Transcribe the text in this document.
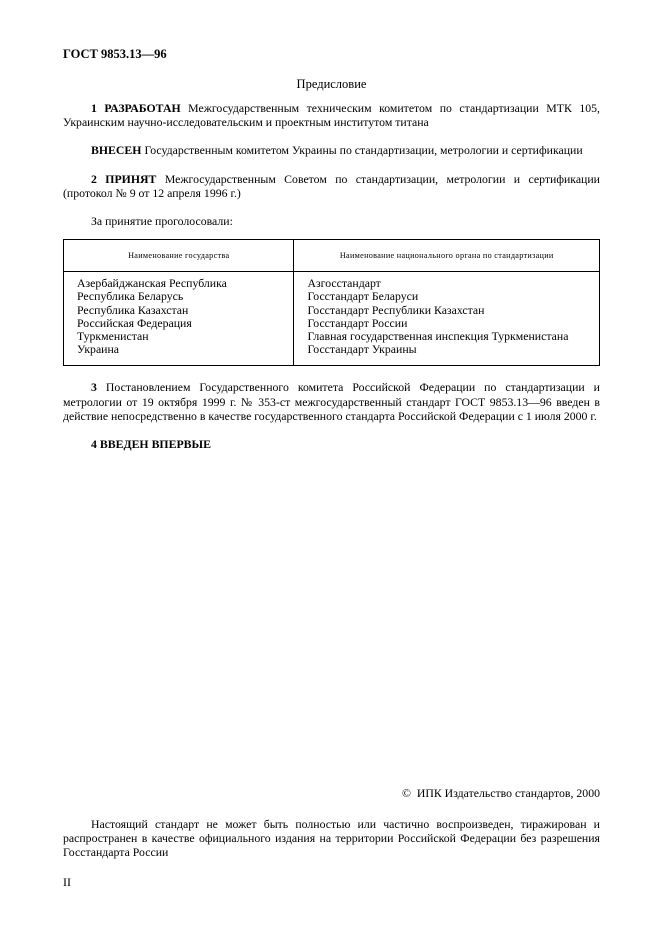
ГОСТ 9853.13—96
Предисловие

1 РАЗРАБОТАН Межгосударственным техническим комитетом по стандартизации МТК 105, Украинским научно-исследовательским и проектным институтом титана

ВНЕСЕН Государственным комитетом Украины по стандартизации, метрологии и сертификации

2 ПРИНЯТ Межгосударственным Советом по стандартизации, метрологии и сертификации (протокол № 9 от 12 апреля 1996 г.)

За принятие проголосовали:

Наименование государства	Наименование национального органа по стандартизации
Азербайджанская Республика	Азгосстандарт
Республика Беларусь	Госстандарт Беларуси
Республика Казахстан	Госстандарт Республики Казахстан
Российская Федерация	Госстандарт России
Туркменистан	Главная государственная инспекция Туркменистана
Украина	Госстандарт Украины

3 Постановлением Государственного комитета Российской Федерации по стандартизации и метрологии от 19 октября 1999 г. № 353-ст межгосударственный стандарт ГОСТ 9853.13—96 введен в действие непосредственно в качестве государственного стандарта Российской Федерации с 1 июля 2000 г.

4 ВВЕДЕН ВПЕРВЫЕ

©  ИПК Издательство стандартов, 2000

Настоящий стандарт не может быть полностью или частично воспроизведен, тиражирован и распространен в качестве официального издания на территории Российской Федерации без разрешения Госстандарта России

II
